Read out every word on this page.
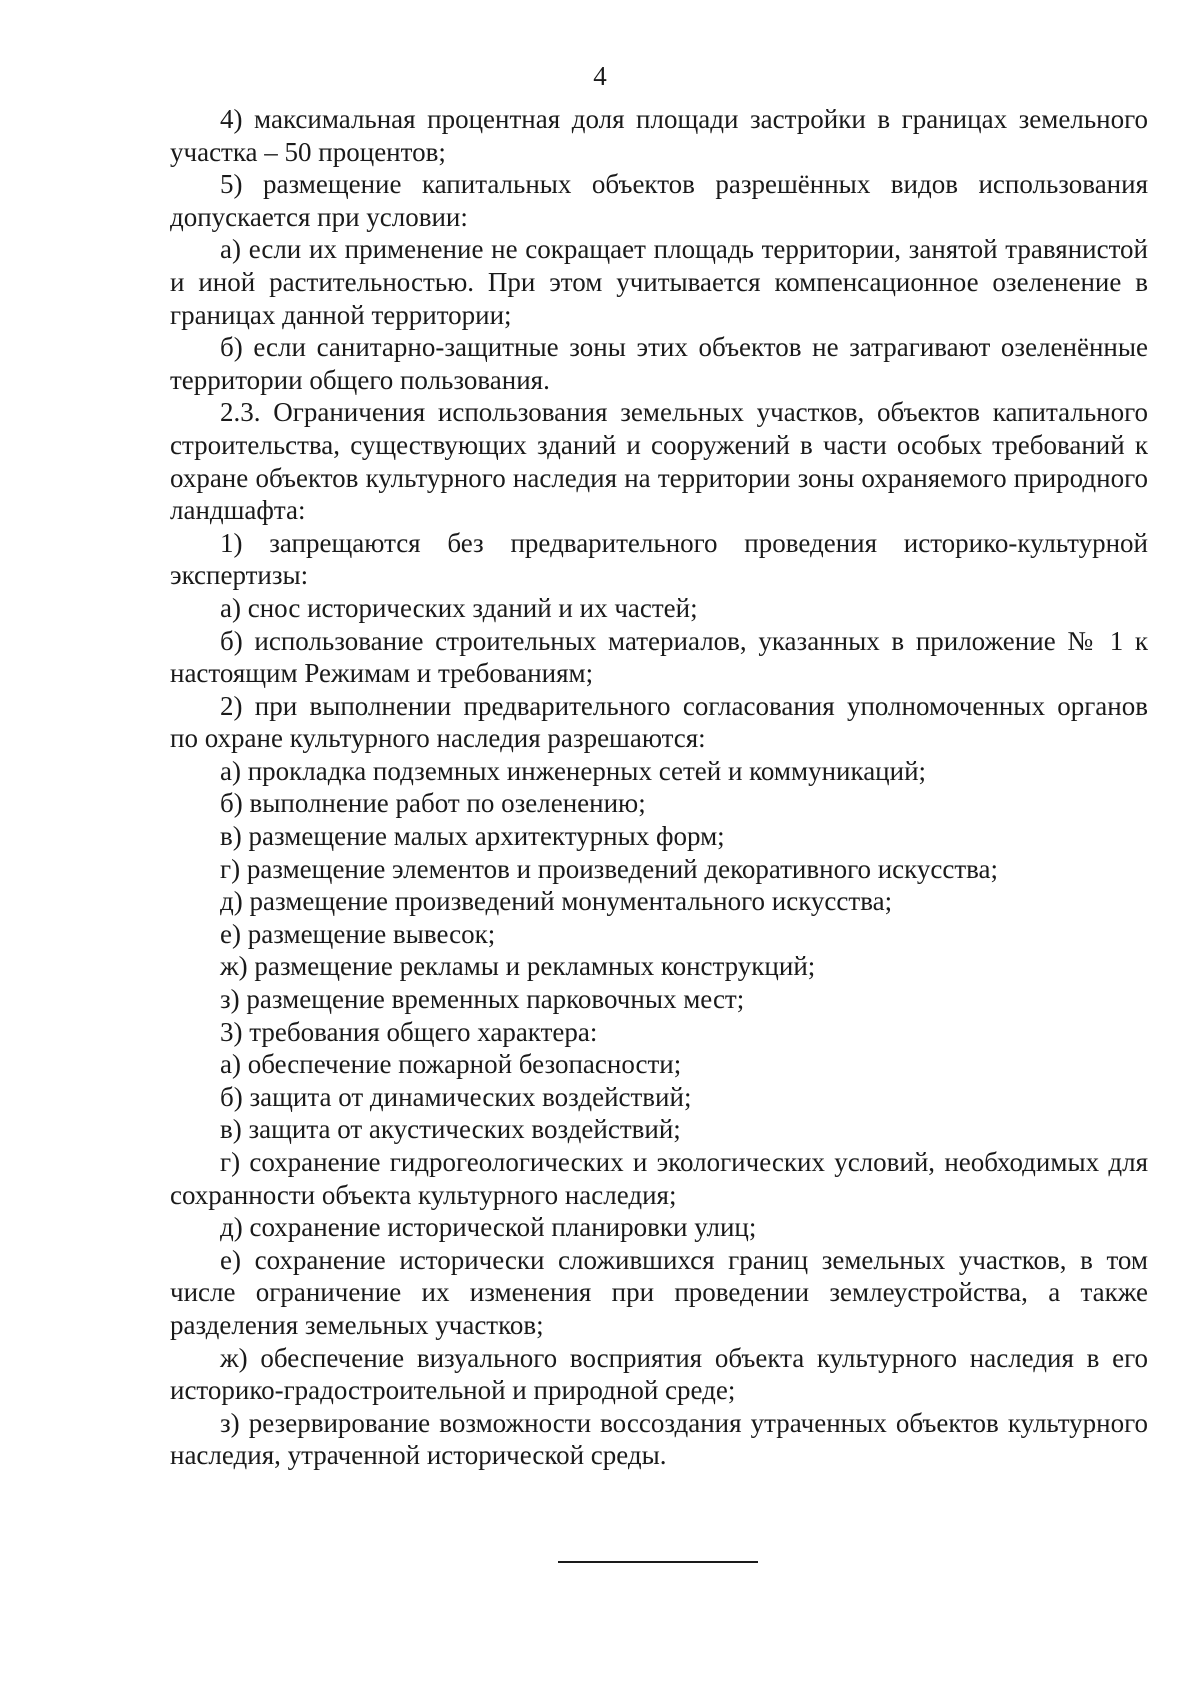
4

4) максимальная процентная доля площади застройки в границах земельного участка – 50 процентов;

5) размещение капитальных объектов разрешённых видов использования допускается при условии:

а) если их применение не сокращает площадь территории, занятой травянистой и иной растительностью. При этом учитывается компенсационное озеленение в границах данной территории;

б) если санитарно-защитные зоны этих объектов не затрагивают озеленённые территории общего пользования.

2.3. Ограничения использования земельных участков, объектов капитального строительства, существующих зданий и сооружений в части особых требований к охране объектов культурного наследия на территории зоны охраняемого природного ландшафта:

1) запрещаются без предварительного проведения историко-культурной экспертизы:

а) снос исторических зданий и их частей;

б) использование строительных материалов, указанных в приложение № 1 к настоящим Режимам и требованиям;

2) при выполнении предварительного согласования уполномоченных органов по охране культурного наследия разрешаются:

а) прокладка подземных инженерных сетей и коммуникаций;

б) выполнение работ по озеленению;

в) размещение малых архитектурных форм;

г) размещение элементов и произведений декоративного искусства;

д) размещение произведений монументального искусства;

е) размещение вывесок;

ж) размещение рекламы и рекламных конструкций;

з) размещение временных парковочных мест;

3) требования общего характера:

а) обеспечение пожарной безопасности;

б) защита от динамических воздействий;

в) защита от акустических воздействий;

г) сохранение гидрогеологических и экологических условий, необходимых для сохранности объекта культурного наследия;

д) сохранение исторической планировки улиц;

е) сохранение исторически сложившихся границ земельных участков, в том числе ограничение их изменения при проведении землеустройства, а также разделения земельных участков;

ж) обеспечение визуального восприятия объекта культурного наследия в его историко-градостроительной и природной среде;

з) резервирование возможности воссоздания утраченных объектов культурного наследия, утраченной исторической среды.
